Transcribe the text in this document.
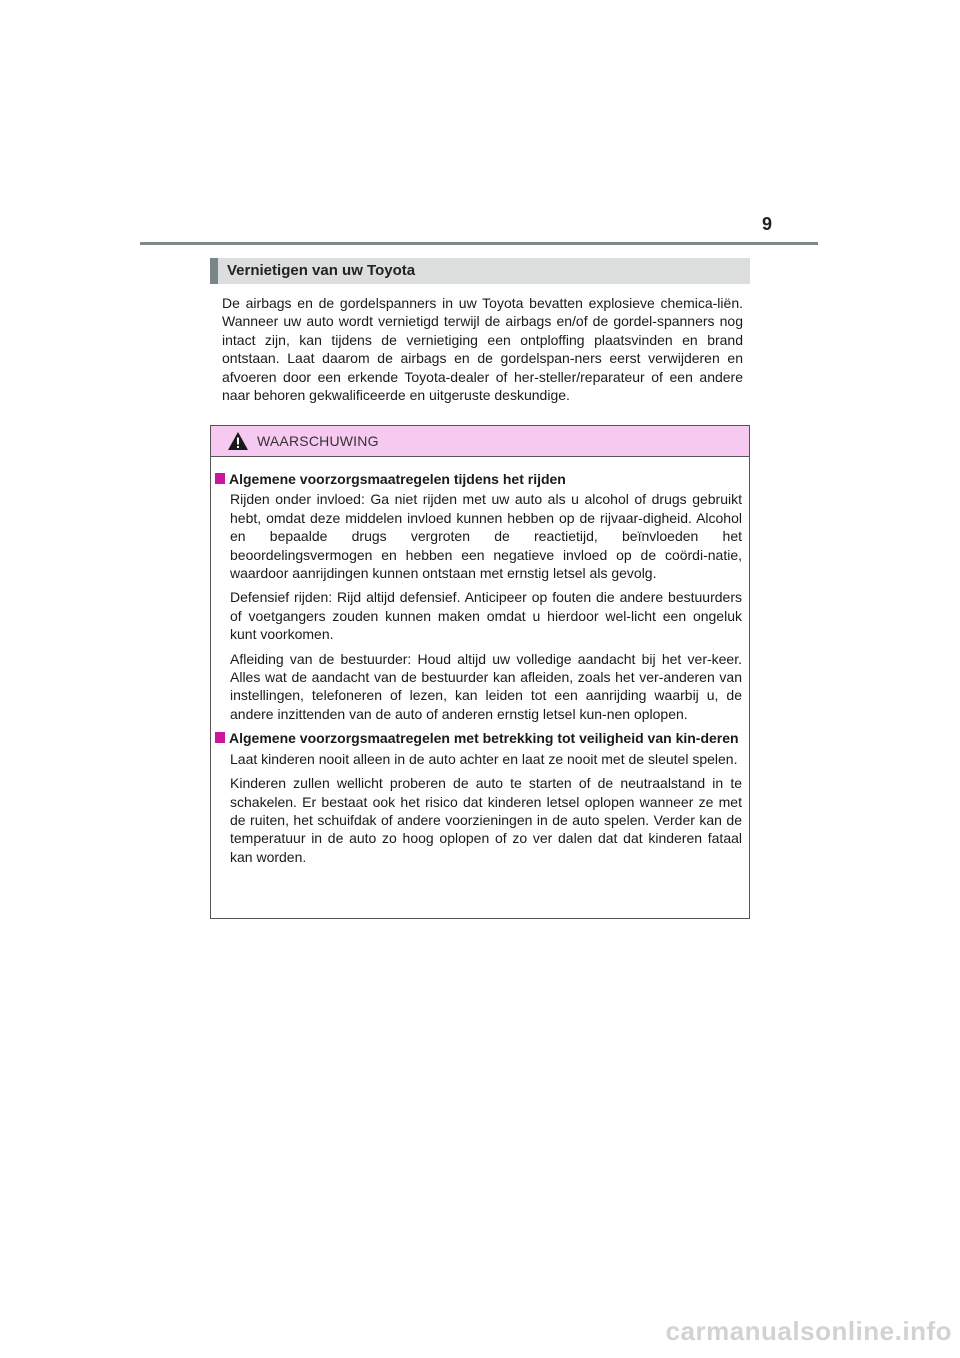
9
Vernietigen van uw Toyota

De airbags en de gordelspanners in uw Toyota bevatten explosieve chemica-liën. Wanneer uw auto wordt vernietigd terwijl de airbags en/of de gordel-spanners nog intact zijn, kan tijdens de vernietiging een ontploffing plaatsvinden en brand ontstaan. Laat daarom de airbags en de gordelspan-ners eerst verwijderen en afvoeren door een erkende Toyota-dealer of her-steller/reparateur of een andere naar behoren gekwalificeerde en uitgeruste deskundige.

WAARSCHUWING
Algemene voorzorgsmaatregelen tijdens het rijden

Rijden onder invloed: Ga niet rijden met uw auto als u alcohol of drugs gebruikt hebt, omdat deze middelen invloed kunnen hebben op de rijvaar-digheid. Alcohol en bepaalde drugs vergroten de reactietijd, beïnvloeden het beoordelingsvermogen en hebben een negatieve invloed op de coördi-natie, waardoor aanrijdingen kunnen ontstaan met ernstig letsel als gevolg.

Defensief rijden: Rijd altijd defensief. Anticipeer op fouten die andere bestuurders of voetgangers zouden kunnen maken omdat u hierdoor wel-licht een ongeluk kunt voorkomen.

Afleiding van de bestuurder: Houd altijd uw volledige aandacht bij het ver-keer. Alles wat de aandacht van de bestuurder kan afleiden, zoals het ver-anderen van instellingen, telefoneren of lezen, kan leiden tot een aanrijding waarbij u, de andere inzittenden van de auto of anderen ernstig letsel kun-nen oplopen.

Algemene voorzorgsmaatregelen met betrekking tot veiligheid van kin-deren

Laat kinderen nooit alleen in de auto achter en laat ze nooit met de sleutel spelen.

Kinderen zullen wellicht proberen de auto te starten of de neutraalstand in te schakelen. Er bestaat ook het risico dat kinderen letsel oplopen wanneer ze met de ruiten, het schuifdak of andere voorzieningen in de auto spelen. Verder kan de temperatuur in de auto zo hoog oplopen of zo ver dalen dat dat kinderen fataal kan worden.

carmanualsonline.info
